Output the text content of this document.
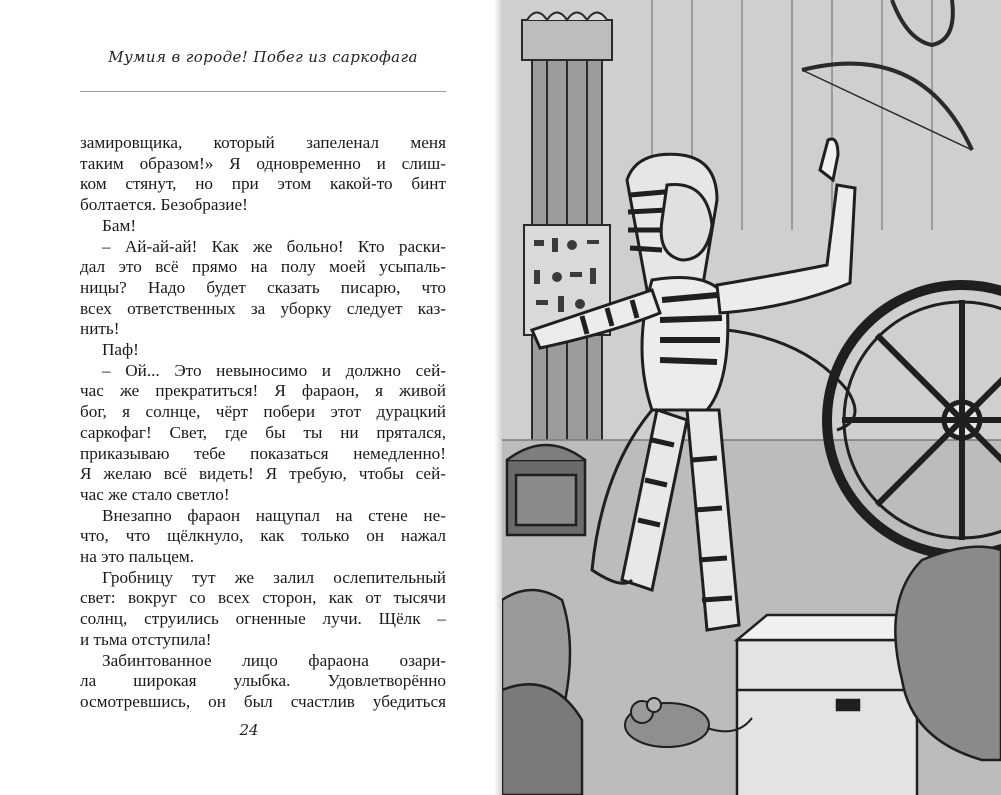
Мумия в городе! Побег из саркофага

замировщика, который запеленал меня
таким образом!» Я одновременно и слиш-
ком стянут, но при этом какой-то бинт
болтается. Безобразие!

Бам!

– Ай-ай-ай! Как же больно! Кто раски-
дал это всё прямо на полу моей усыпаль-
ницы? Надо будет сказать писарю, что
всех ответственных за уборку следует каз-
нить!

Паф!

– Ой... Это невыносимо и должно сей-
час же прекратиться! Я фараон, я живой
бог, я солнце, чёрт побери этот дурацкий
саркофаг! Свет, где бы ты ни прятался,
приказываю тебе показаться немедленно!
Я желаю всё видеть! Я требую, чтобы сей-
час же стало светло!

Внезапно фараон нащупал на стене не-
что, что щёлкнуло, как только он нажал
на это пальцем.

Гробницу тут же залил ослепительный
свет: вокруг со всех сторон, как от тысячи
солнц, струились огненные лучи. Щёлк –
и тьма отступила!

Забинтованное лицо фараона озари-
ла широкая улыбка. Удовлетворённо
осмотревшись, он был счастлив убедиться

24
